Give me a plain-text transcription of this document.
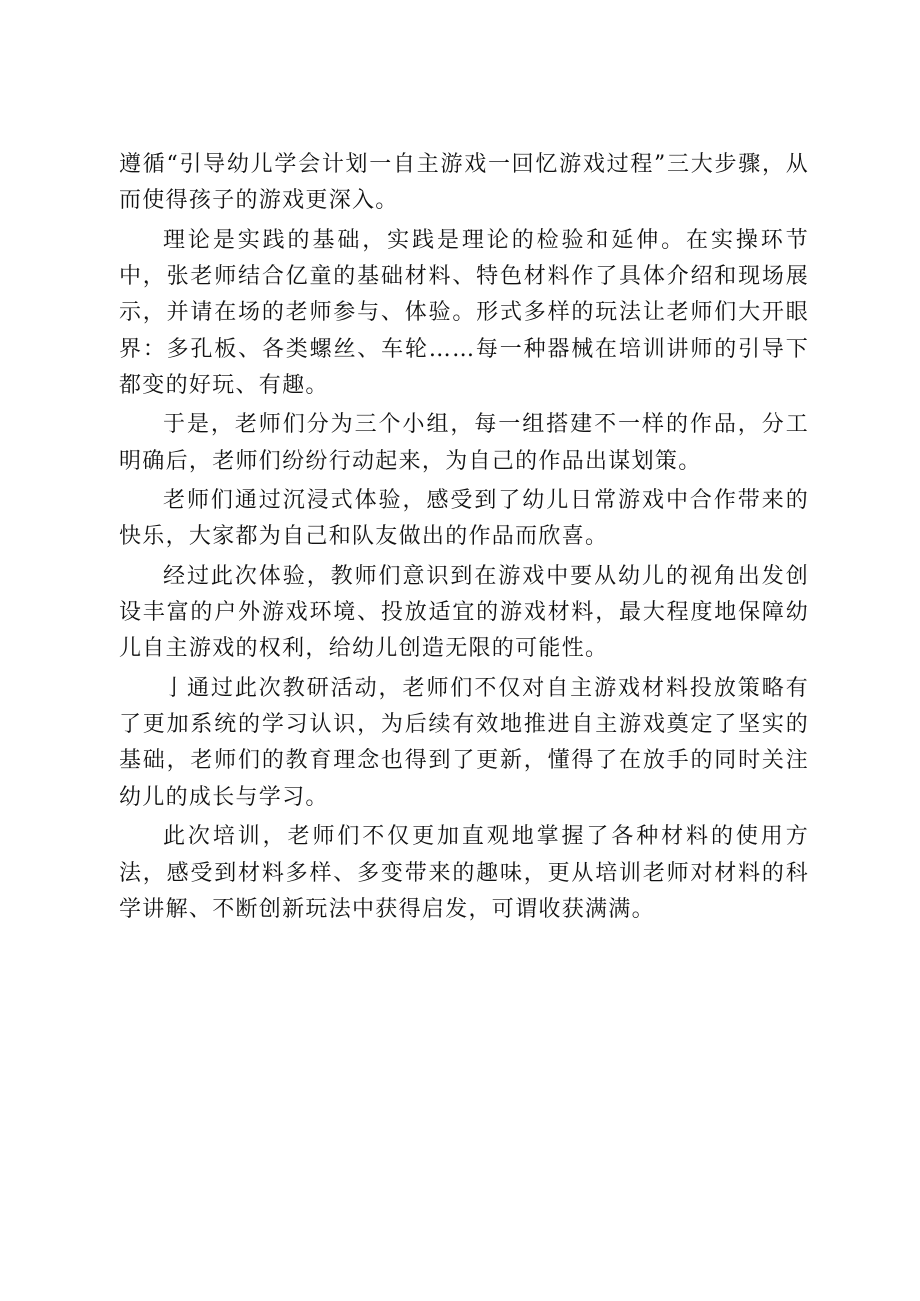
遵循“引导幼儿学会计划一自主游戏一回忆游戏过程”三大步骤，从而使得孩子的游戏更深入。

理论是实践的基础，实践是理论的检验和延伸。在实操环节中，张老师结合亿童的基础材料、特色材料作了具体介绍和现场展示，并请在场的老师参与、体验。形式多样的玩法让老师们大开眼界：多孔板、各类螺丝、车轮……每一种器械在培训讲师的引导下都变的好玩、有趣。

于是，老师们分为三个小组，每一组搭建不一样的作品，分工明确后，老师们纷纷行动起来，为自己的作品出谋划策。

老师们通过沉浸式体验，感受到了幼儿日常游戏中合作带来的快乐，大家都为自己和队友做出的作品而欣喜。

经过此次体验，教师们意识到在游戏中要从幼儿的视角出发创设丰富的户外游戏环境、投放适宜的游戏材料，最大程度地保障幼儿自主游戏的权利，给幼儿创造无限的可能性。

亅通过此次教研活动，老师们不仅对自主游戏材料投放策略有了更加系统的学习认识，为后续有效地推进自主游戏奠定了坚实的基础，老师们的教育理念也得到了更新，懂得了在放手的同时关注幼儿的成长与学习。

此次培训，老师们不仅更加直观地掌握了各种材料的使用方法，感受到材料多样、多变带来的趣味，更从培训老师对材料的科学讲解、不断创新玩法中获得启发，可谓收获满满。
